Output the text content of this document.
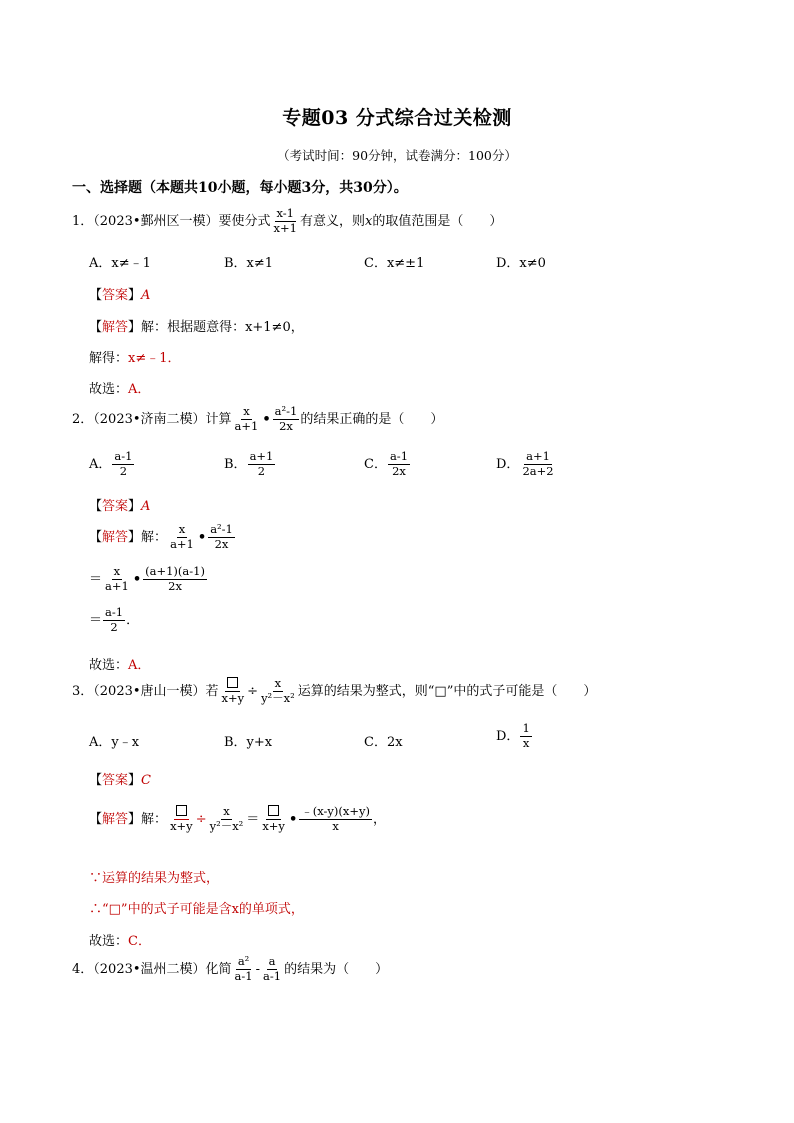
专题03 分式综合过关检测
（考试时间：90分钟，试卷满分：100分）
一、选择题（本题共10小题，每小题3分，共30分）。
1．（2023•鄞州区一模）要使分式 $\frac{x-1}{x+1}$ 有意义，则x的取值范围是（　　）
A．x≠﹣1	B．x≠1	C．x≠±1	D．x≠0
【答案】A
【解答】解：根据题意得：x+1≠0，
解得：x≠﹣1．
故选：A．
2．（2023•济南二模）计算 $\frac{x}{a+1}$ • $\frac{\text{a²-1}}{2x}$ 的结果正确的是（　　）
A． $\frac{a-1}{2}$	B． $\frac{a+1}{2}$	C． $\frac{a-1}{2x}$	D． $\frac{a+1}{2a+2}$
【答案】A
【解答】解： $\frac{x}{a+1}$ • $\frac{\text{a²-1}}{2x}$
＝ $\frac{x}{a+1}$ • $\frac{(a+1)(a-1)}{2x}$
＝ $\frac{a-1}{2}$ ．
故选：A．
3．（2023•唐山一模）若 $x+y \div \frac{x}{\text{y²－x²}}$ 运算的结果为整式，则“□”中的式子可能是（　　）
A．y﹣x	B．y+x	C．2x	D． $\frac{1}{x}$
【答案】C
【解答】解： $x+y \div \frac{x}{\text{y²－x²}} = x+y$ • $\frac{﹣(x-y)(x+y)}{x}$ ，
∵运算的结果为整式，
∴“□”中的式子可能是含x的单项式，
故选：C．
4．（2023•温州二模）化简 $\frac{\text{a²}}{a-1} - \frac{a}{a-1}$ 的结果为（　　）
